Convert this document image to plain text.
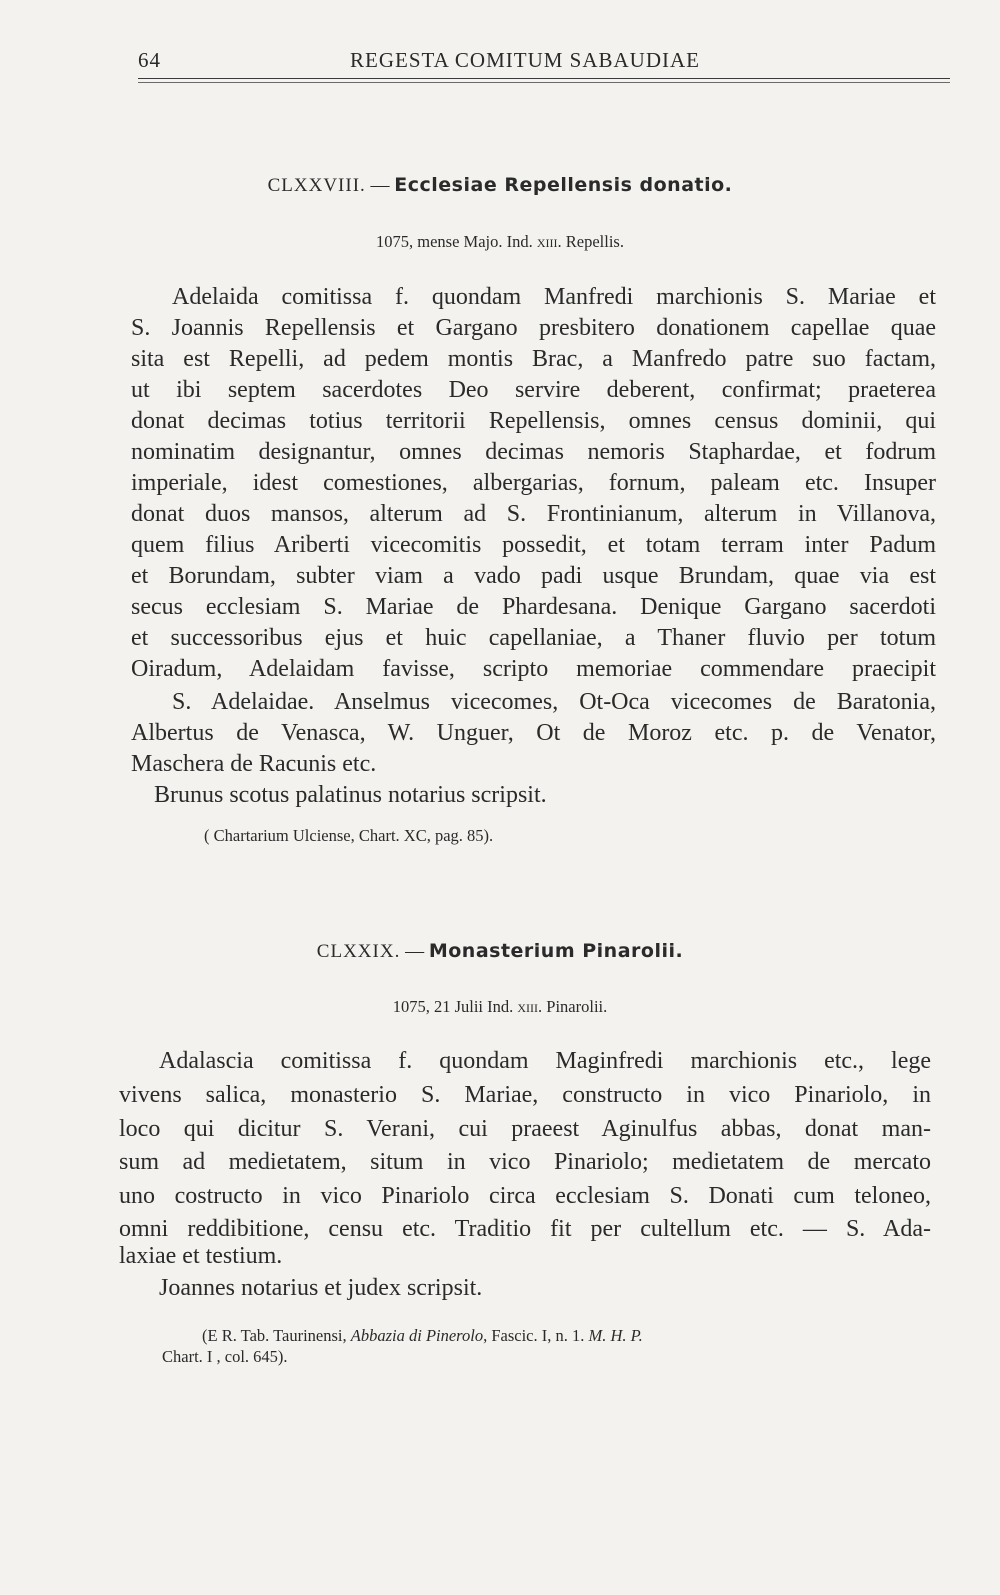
64	REGESTA COMITUM SABAUDIAE
CLXXVIII. — Ecclesiae Repellensis donatio.
1075, mense Majo. Ind. xiii. Repellis.
Adelaida comitissa f. quondam Manfredi marchionis S. Mariae et
S. Joannis Repellensis et Gargano presbitero donationem capellae quae
sita est Repelli, ad pedem montis Brac, a Manfredo patre suo factam,
ut ibi septem sacerdotes Deo servire deberent, confirmat; praeterea
donat decimas totius territorii Repellensis, omnes census dominii, qui
nominatim designantur, omnes decimas nemoris Staphardae, et fodrum
imperiale, idest comestiones, albergarias, fornum, paleam etc. Insuper
donat duos mansos, alterum ad S. Frontinianum, alterum in Villanova,
quem filius Ariberti vicecomitis possedit, et totam terram inter Padum
et Borundam, subter viam a vado padi usque Brundam, quae via est
secus ecclesiam S. Mariae de Phardesana. Denique Gargano sacerdoti
et successoribus ejus et huic capellaniae, a Thaner fluvio per totum
Oiradum, Adelaidam favisse, scripto memoriae commendare praecipit
S. Adelaidae. Anselmus vicecomes, Ot-Oca vicecomes de Baratonia,
Albertus de Venasca, W. Unguer, Ot de Moroz etc. p. de Venator,
Maschera de Racunis etc.
Brunus scotus palatinus notarius scripsit.
( Chartarium Ulciense, Chart. XC, pag. 85).
CLXXIX. — Monasterium Pinarolii.
1075, 21 Julii Ind. xiii. Pinarolii.
Adalascia comitissa f. quondam Maginfredi marchionis etc., lege
vivens salica, monasterio S. Mariae, constructo in vico Pinariolo, in
loco qui dicitur S. Verani, cui praeest Aginulfus abbas, donat man-
sum ad medietatem, situm in vico Pinariolo; medietatem de mercato
uno costructo in vico Pinariolo circa ecclesiam S. Donati cum teloneo,
omni reddibitione, censu etc. Traditio fit per cultellum etc. — S. Ada-
laxiae et testium.
Joannes notarius et judex scripsit.
(E R. Tab. Taurinensi, Abbazia di Pinerolo, Fascic. I, n. 1. M. H. P.
Chart. I , col. 645).
